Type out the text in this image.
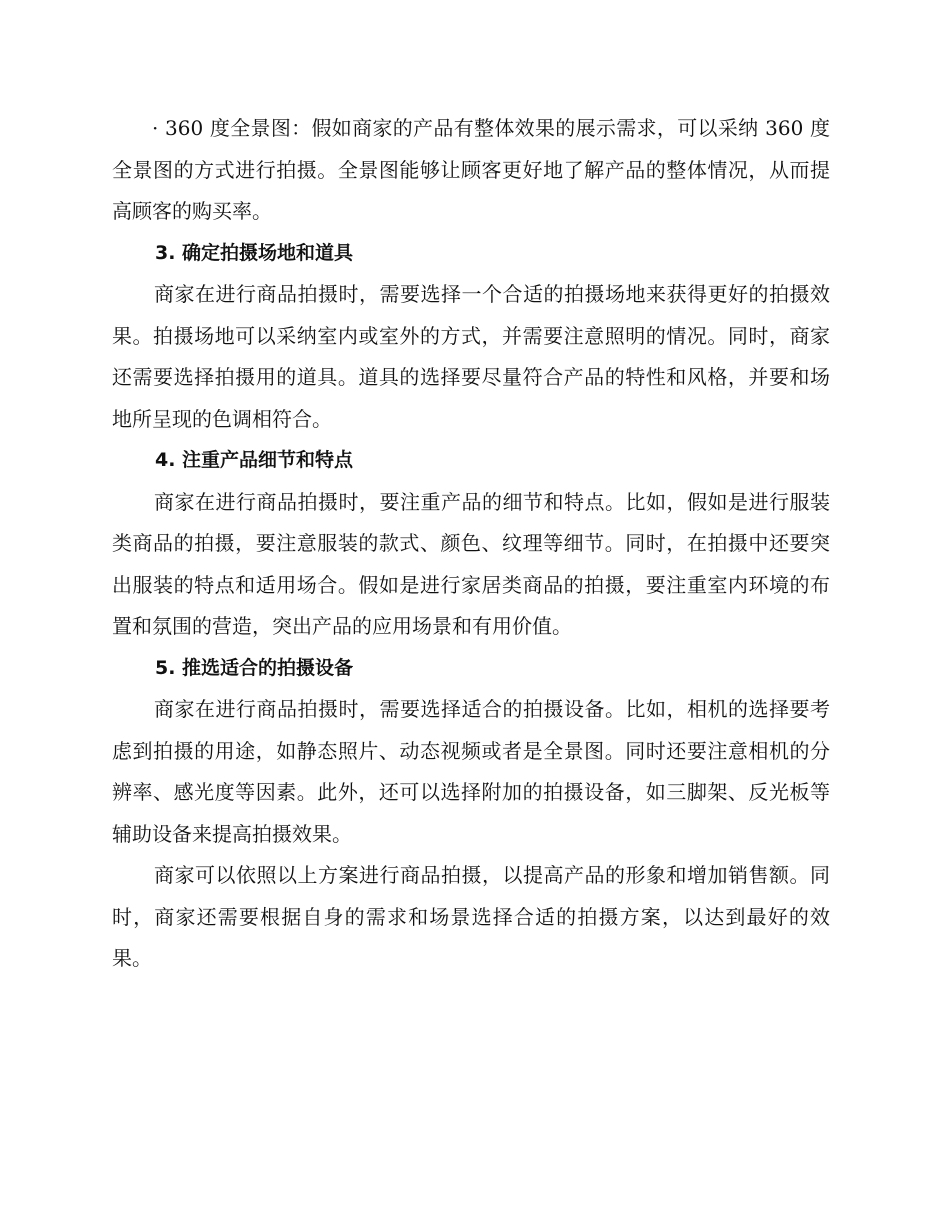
· 360 度全景图：假如商家的产品有整体效果的展示需求，可以采纳 360 度全景图的方式进行拍摄。全景图能够让顾客更好地了解产品的整体情况，从而提高顾客的购买率。

3. 确定拍摄场地和道具

商家在进行商品拍摄时，需要选择一个合适的拍摄场地来获得更好的拍摄效果。拍摄场地可以采纳室内或室外的方式，并需要注意照明的情况。同时，商家还需要选择拍摄用的道具。道具的选择要尽量符合产品的特性和风格，并要和场地所呈现的色调相符合。

4. 注重产品细节和特点

商家在进行商品拍摄时，要注重产品的细节和特点。比如，假如是进行服装类商品的拍摄，要注意服装的款式、颜色、纹理等细节。同时，在拍摄中还要突出服装的特点和适用场合。假如是进行家居类商品的拍摄，要注重室内环境的布置和氛围的营造，突出产品的应用场景和有用价值。

5. 推选适合的拍摄设备

商家在进行商品拍摄时，需要选择适合的拍摄设备。比如，相机的选择要考虑到拍摄的用途，如静态照片、动态视频或者是全景图。同时还要注意相机的分辨率、感光度等因素。此外，还可以选择附加的拍摄设备，如三脚架、反光板等辅助设备来提高拍摄效果。

商家可以依照以上方案进行商品拍摄，以提高产品的形象和增加销售额。同时，商家还需要根据自身的需求和场景选择合适的拍摄方案，以达到最好的效果。
